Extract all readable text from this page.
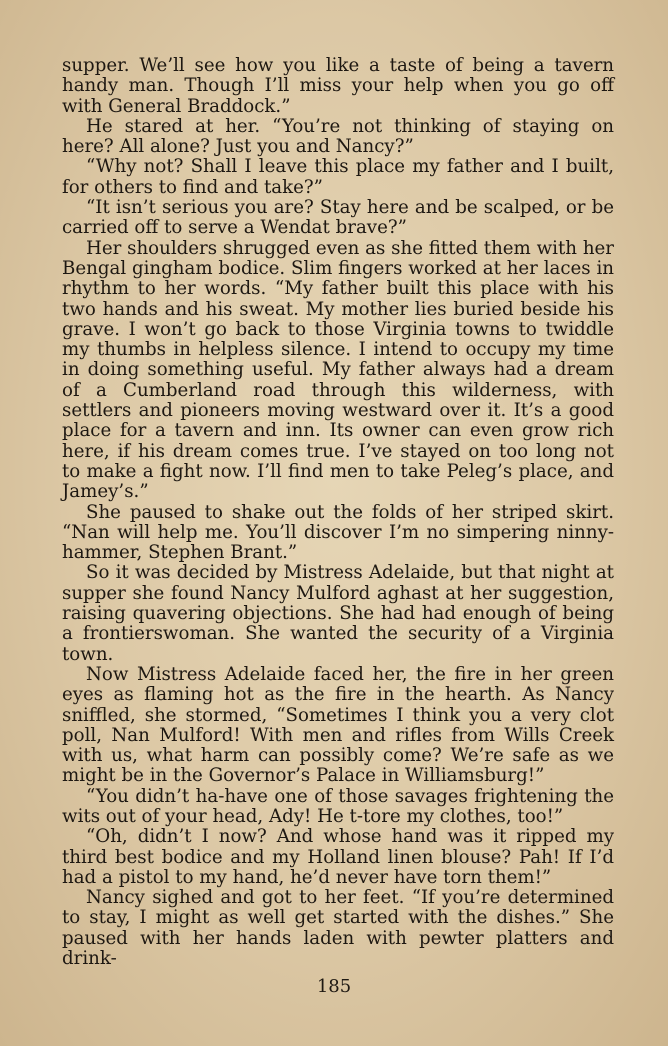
supper. We’ll see how you like a taste of being a tavern handy man. Though I’ll miss your help when you go off with General Braddock.”

He stared at her. “You’re not thinking of staying on here? All alone? Just you and Nancy?”

“Why not? Shall I leave this place my father and I built, for others to find and take?”

“It isn’t serious you are? Stay here and be scalped, or be carried off to serve a Wendat brave?”

Her shoulders shrugged even as she fitted them with her Bengal gingham bodice. Slim fingers worked at her laces in rhythm to her words. “My father built this place with his two hands and his sweat. My mother lies buried beside his grave. I won’t go back to those Virginia towns to twiddle my thumbs in helpless silence. I intend to occupy my time in doing something useful. My father always had a dream of a Cumberland road through this wilderness, with settlers and pioneers moving westward over it. It’s a good place for a tavern and inn. Its owner can even grow rich here, if his dream comes true. I’ve stayed on too long not to make a fight now. I’ll find men to take Peleg’s place, and Jamey’s.”

She paused to shake out the folds of her striped skirt. “Nan will help me. You’ll discover I’m no simpering ninny-hammer, Stephen Brant.”

So it was decided by Mistress Adelaide, but that night at supper she found Nancy Mulford aghast at her suggestion, raising quavering objections. She had had enough of being a frontierswoman. She wanted the security of a Virginia town.

Now Mistress Adelaide faced her, the fire in her green eyes as flaming hot as the fire in the hearth. As Nancy sniffled, she stormed, “Sometimes I think you a very clot poll, Nan Mulford! With men and rifles from Wills Creek with us, what harm can possibly come? We’re safe as we might be in the Governor’s Palace in Williamsburg!”

“You didn’t ha-have one of those savages frightening the wits out of your head, Ady! He t-tore my clothes, too!”

“Oh, didn’t I now? And whose hand was it ripped my third best bodice and my Holland linen blouse? Pah! If I’d had a pistol to my hand, he’d never have torn them!”

Nancy sighed and got to her feet. “If you’re determined to stay, I might as well get started with the dishes.” She paused with her hands laden with pewter platters and drink-

185
